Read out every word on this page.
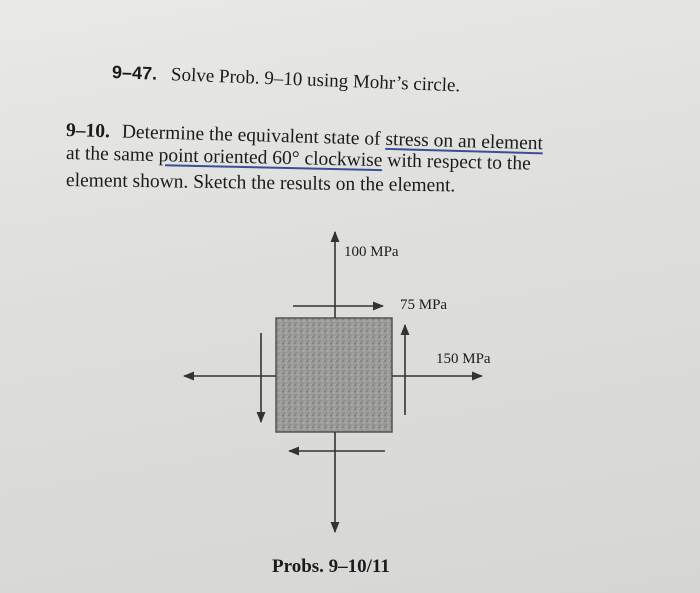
9–47. Solve Prob. 9–10 using Mohr’s circle.
9–10. Determine the equivalent state of stress on an element
at the same point oriented 60° clockwise with respect to the
element shown. Sketch the results on the element.
100 MPa
75 MPa
150 MPa
Probs. 9–10/11
